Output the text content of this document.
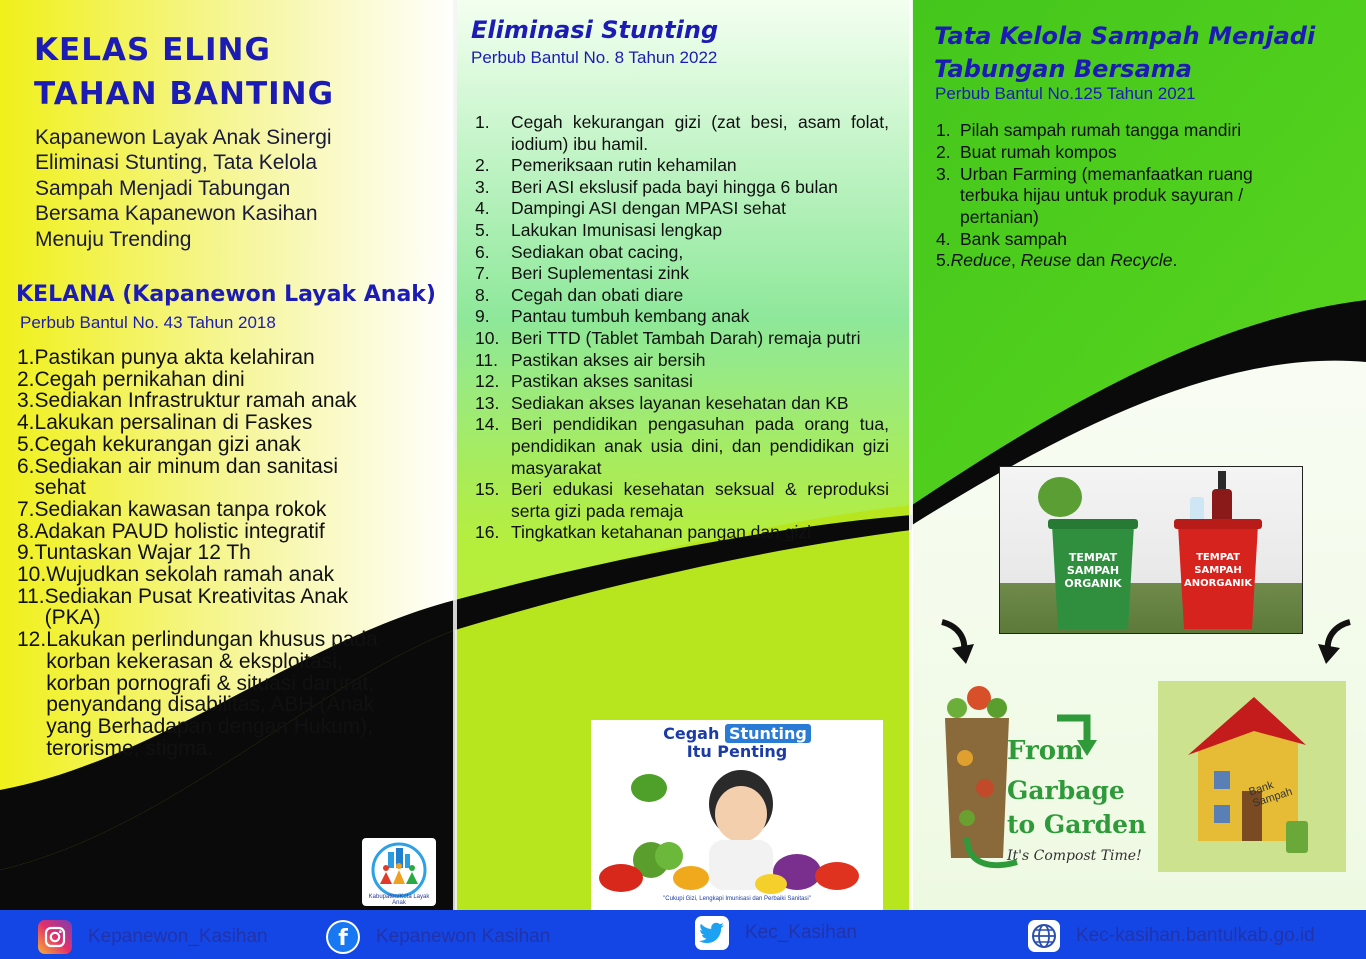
KELAS ELING
TAHAN BANTING
Kapanewon Layak Anak Sinergi Eliminasi Stunting, Tata Kelola Sampah Menjadi Tabungan Bersama Kapanewon Kasihan Menuju Trending
KELANA (Kapanewon Layak Anak)
Perbub Bantul No. 43 Tahun 2018
1. Pastikan punya akta kelahiran
2. Cegah pernikahan dini
3. Sediakan Infrastruktur ramah anak
4. Lakukan persalinan di Faskes
5. Cegah kekurangan gizi anak
6. Sediakan air minum dan sanitasi sehat
7. Sediakan kawasan tanpa rokok
8. Adakan PAUD holistic integratif
9. Tuntaskan Wajar 12 Th
10. Wujudkan sekolah ramah anak
11. Sediakan Pusat Kreativitas Anak (PKA)
12. Lakukan perlindungan khusus pada korban kekerasan & eksploitasi, korban pornografi & situasi darurat, penyandang disabilitas, ABH (Anak yang Berhadapan dengan Hukum), terorisme, stigma.
Kabupaten/Kota Layak Anak
Eliminasi Stunting
Perbub Bantul No. 8 Tahun 2022
1.	Cegah kekurangan gizi (zat besi, asam folat, iodium) ibu hamil.
2.	Pemeriksaan rutin kehamilan
3.	Beri ASI ekslusif pada bayi hingga 6 bulan
4.	Dampingi ASI dengan MPASI sehat
5.	Lakukan Imunisasi lengkap
6.	Sediakan obat cacing,
7.	Beri Suplementasi zink
8.	Cegah dan obati diare
9.	Pantau tumbuh kembang anak
10. Beri TTD (Tablet Tambah Darah) remaja putri
11. Pastikan akses air bersih
12. Pastikan akses sanitasi
13. Sediakan akses layanan kesehatan dan KB
14. Beri pendidikan pengasuhan pada orang tua, pendidikan anak usia dini, dan pendidikan gizi masyarakat
15. Beri edukasi kesehatan seksual & reproduksi serta gizi pada remaja
16. Tingkatkan ketahanan pangan dan gizi
Cegah Stunting
Itu Penting
"Cukupi Gizi, Lengkapi Imunisasi dan Perbaiki Sanitasi"
Tata Kelola Sampah Menjadi
Tabungan Bersama
Perbub Bantul No.125 Tahun 2021
1. Pilah sampah rumah tangga mandiri
2. Buat rumah kompos
3. Urban Farming (memanfaatkan ruang terbuka hijau untuk produk sayuran / pertanian)
4. Bank sampah
5.Reduce, Reuse dan Recycle.
TEMPAT SAMPAH ORGANIK
TEMPAT SAMPAH ANORGANIK
From
Garbage
to Garden
It's Compost Time!
Bank Sampah
Kepanewon_Kasihan	f	Kepanewon Kasihan	Kec_Kasihan	Kec-kasihan.bantulkab.go.id
